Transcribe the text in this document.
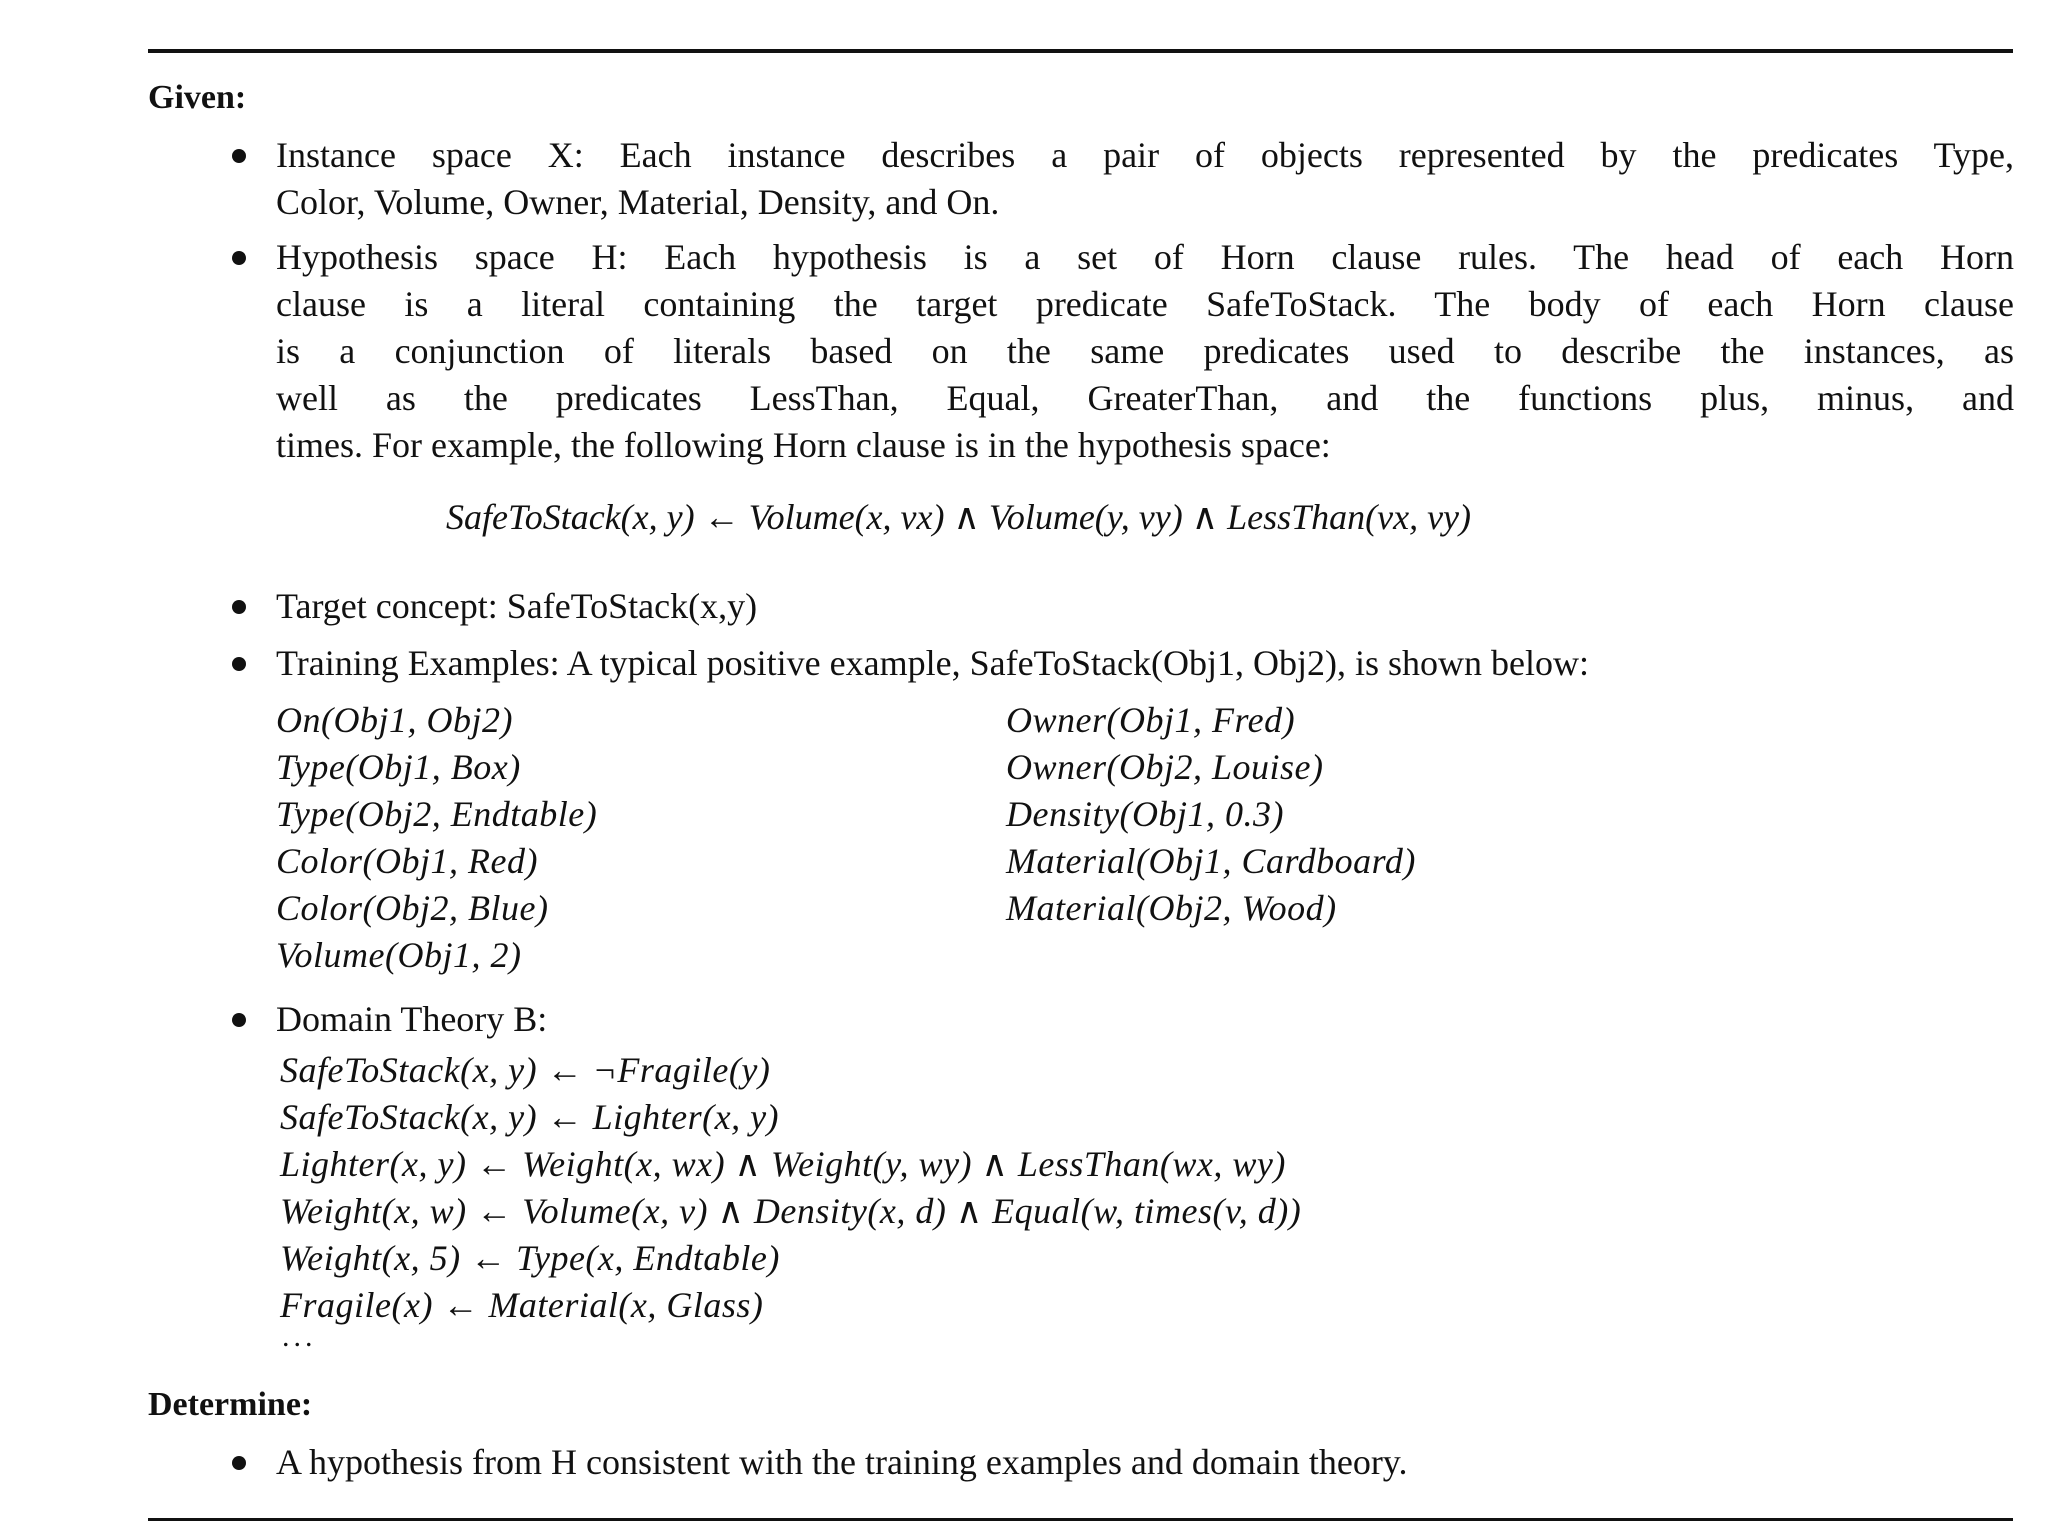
Given:
Instance space X: Each instance describes a pair of objects represented by the predicates Type,
Color, Volume, Owner, Material, Density, and On.
Hypothesis space H: Each hypothesis is a set of Horn clause rules. The head of each Horn
clause is a literal containing the target predicate SafeToStack. The body of each Horn clause
is a conjunction of literals based on the same predicates used to describe the instances, as
well as the predicates LessThan, Equal, GreaterThan, and the functions plus, minus, and
times. For example, the following Horn clause is in the hypothesis space:
SafeToStack(x, y) ← Volume(x, vx) ∧ Volume(y, vy) ∧ LessThan(vx, vy)
Target concept: SafeToStack(x,y)
Training Examples: A typical positive example, SafeToStack(Obj1, Obj2), is shown below:
On(Obj1, Obj2)
Type(Obj1, Box)
Type(Obj2, Endtable)
Color(Obj1, Red)
Color(Obj2, Blue)
Volume(Obj1, 2)
Owner(Obj1, Fred)
Owner(Obj2, Louise)
Density(Obj1, 0.3)
Material(Obj1, Cardboard)
Material(Obj2, Wood)
Domain Theory B:
SafeToStack(x, y) ← ¬Fragile(y)
SafeToStack(x, y) ← Lighter(x, y)
Lighter(x, y) ← Weight(x, wx) ∧ Weight(y, wy) ∧ LessThan(wx, wy)
Weight(x, w) ← Volume(x, v) ∧ Density(x, d) ∧ Equal(w, times(v, d))
Weight(x, 5) ← Type(x, Endtable)
Fragile(x) ← Material(x, Glass)
...
Determine:
A hypothesis from H consistent with the training examples and domain theory.
